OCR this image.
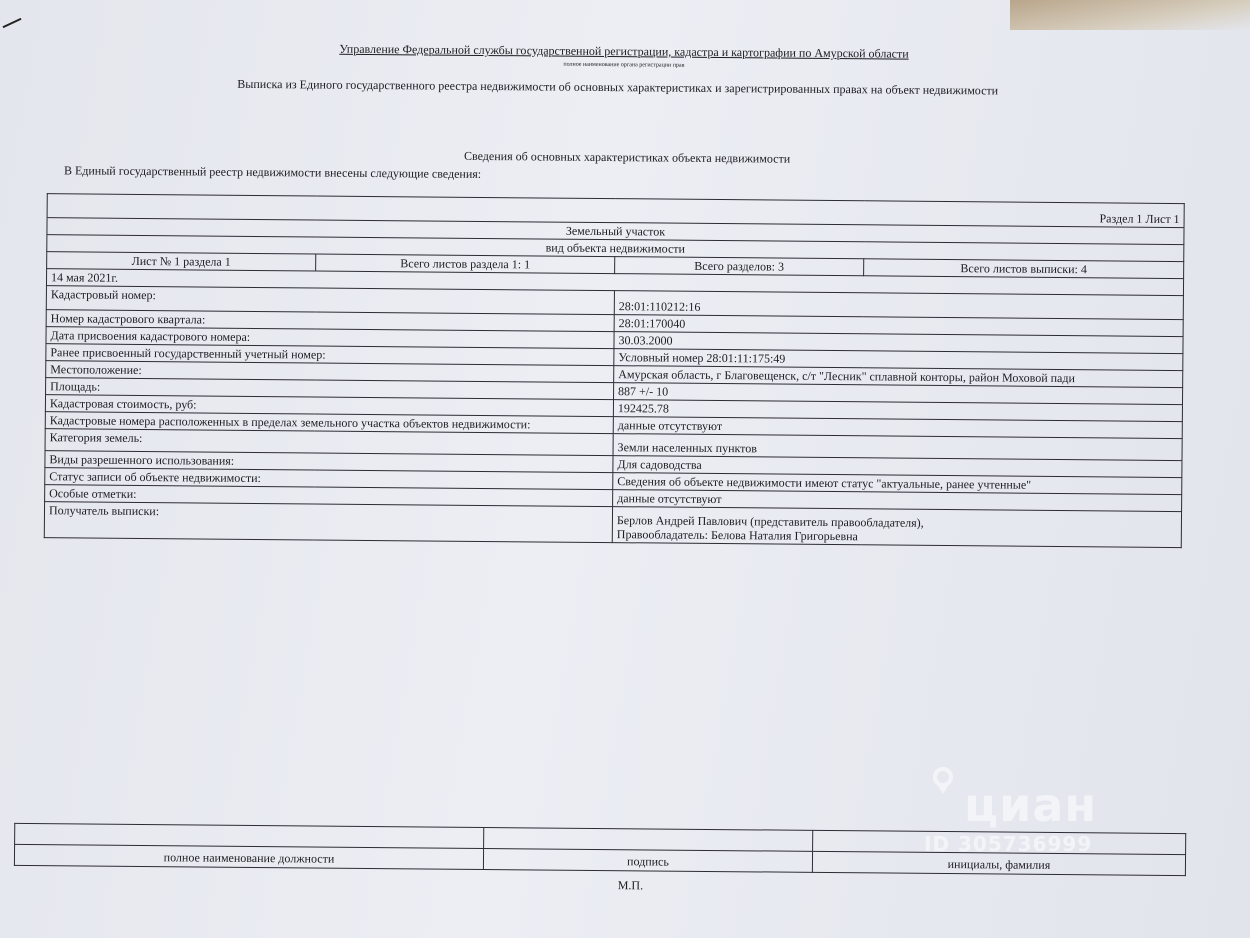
Управление Федеральной службы государственной регистрации, кадастра и картографии по Амурской области
полное наименование органа регистрации прав
Выписка из Единого государственного реестра недвижимости об основных характеристиках и зарегистрированных правах на объект недвижимости
Сведения об основных характеристиках объекта недвижимости
В Единый государственный реестр недвижимости внесены следующие сведения:
Раздел 1 Лист 1			
Земельный участок			
вид объекта недвижимости			
Лист № 1 раздела 1	Всего листов раздела 1: 1	Всего разделов: 3	Всего листов выписки: 4
14 мая 2021г.			
Кадастровый номер:		28:01:110212:16	
Номер кадастрового квартала:		28:01:170040	
Дата присвоения кадастрового номера:		30.03.2000	
Ранее присвоенный государственный учетный номер:		Условный номер 28:01:11:175:49	
Местоположение:		Амурская область, г Благовещенск, с/т "Лесник" сплавной конторы, район Моховой пади	
Площадь:		887 +/- 10	
Кадастровая стоимость, руб:		192425.78	
Кадастровые номера расположенных в пределах земельного участка объектов недвижимости:		данные отсутствуют	
Категория земель:		Земли населенных пунктов	
Виды разрешенного использования:		Для садоводства	
Статус записи об объекте недвижимости:		Сведения об объекте недвижимости имеют статус "актуальные, ранее учтенные"	
Особые отметки:		данные отсутствуют	
Получатель выписки:		Берлов Андрей Павлович (представитель правообладателя),
Правообладатель: Белова Наталия Григорьевна	

полное наименование должности	подпись	инициалы, фамилия
М.П.
циан
ID 305736999
